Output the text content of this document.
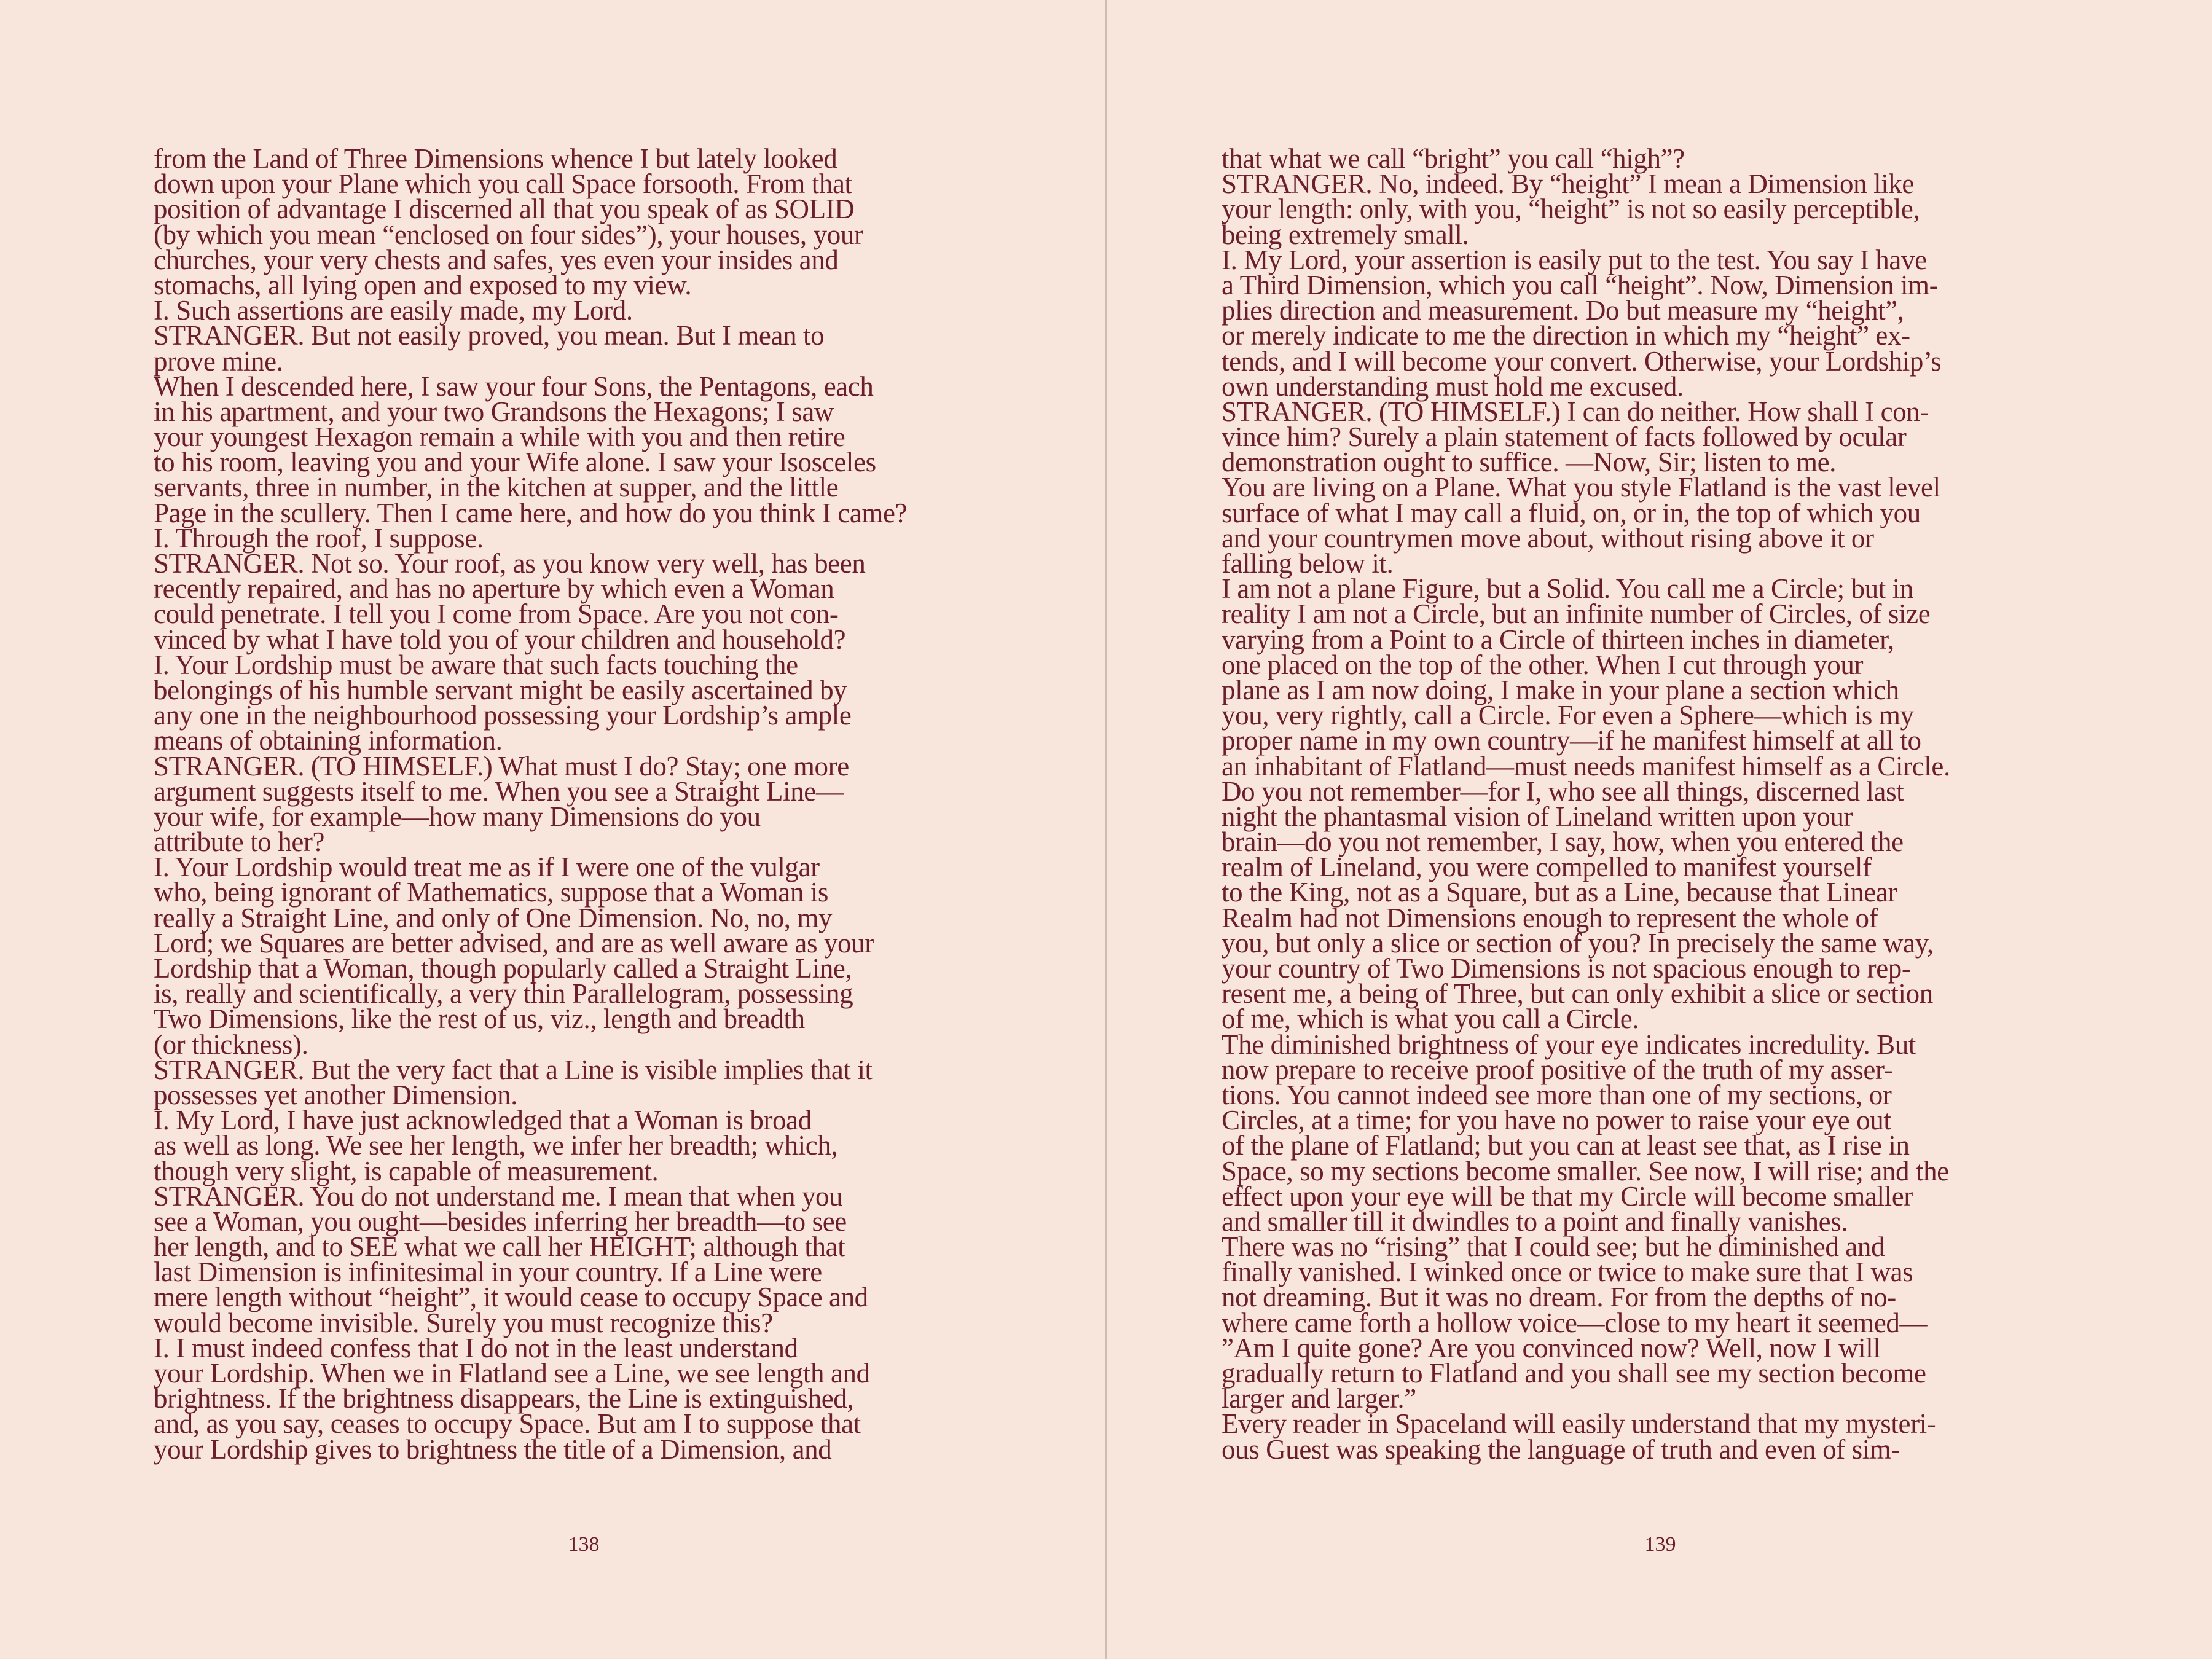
from the Land of Three Dimensions whence I but lately looked
down upon your Plane which you call Space forsooth. From that
position of advantage I discerned all that you speak of as SOLID
(by which you mean “enclosed on four sides”), your houses, your
churches, your very chests and safes, yes even your insides and
stomachs, all lying open and exposed to my view.
I. Such assertions are easily made, my Lord.
STRANGER. But not easily proved, you mean. But I mean to
prove mine.
When I descended here, I saw your four Sons, the Pentagons, each
in his apartment, and your two Grandsons the Hexagons; I saw
your youngest Hexagon remain a while with you and then retire
to his room, leaving you and your Wife alone. I saw your Isosceles
servants, three in number, in the kitchen at supper, and the little
Page in the scullery. Then I came here, and how do you think I came?
I. Through the roof, I suppose.
STRANGER. Not so. Your roof, as you know very well, has been
recently repaired, and has no aperture by which even a Woman
could penetrate. I tell you I come from Space. Are you not con-
vinced by what I have told you of your children and household?
I. Your Lordship must be aware that such facts touching the
belongings of his humble servant might be easily ascertained by
any one in the neighbourhood possessing your Lordship’s ample
means of obtaining information.
STRANGER. (TO HIMSELF.) What must I do? Stay; one more
argument suggests itself to me. When you see a Straight Line—
your wife, for example—how many Dimensions do you
attribute to her?
I. Your Lordship would treat me as if I were one of the vulgar
who, being ignorant of Mathematics, suppose that a Woman is
really a Straight Line, and only of One Dimension. No, no, my
Lord; we Squares are better advised, and are as well aware as your
Lordship that a Woman, though popularly called a Straight Line,
is, really and scientifically, a very thin Parallelogram, possessing
Two Dimensions, like the rest of us, viz., length and breadth
(or thickness).
STRANGER. But the very fact that a Line is visible implies that it
possesses yet another Dimension.
I. My Lord, I have just acknowledged that a Woman is broad
as well as long. We see her length, we infer her breadth; which,
though very slight, is capable of measurement.
STRANGER. You do not understand me. I mean that when you
see a Woman, you ought—besides inferring her breadth—to see
her length, and to SEE what we call her HEIGHT; although that
last Dimension is infinitesimal in your country. If a Line were
mere length without “height”, it would cease to occupy Space and
would become invisible. Surely you must recognize this?
I. I must indeed confess that I do not in the least understand
your Lordship. When we in Flatland see a Line, we see length and
brightness. If the brightness disappears, the Line is extinguished,
and, as you say, ceases to occupy Space. But am I to suppose that
your Lordship gives to brightness the title of a Dimension, and
138
that what we call “bright” you call “high”?
STRANGER. No, indeed. By “height” I mean a Dimension like
your length: only, with you, “height” is not so easily perceptible,
being extremely small.
I. My Lord, your assertion is easily put to the test. You say I have
a Third Dimension, which you call “height”. Now, Dimension im-
plies direction and measurement. Do but measure my “height”,
or merely indicate to me the direction in which my “height” ex-
tends, and I will become your convert. Otherwise, your Lordship’s
own understanding must hold me excused.
STRANGER. (TO HIMSELF.) I can do neither. How shall I con-
vince him? Surely a plain statement of facts followed by ocular
demonstration ought to suffice. —Now, Sir; listen to me.
You are living on a Plane. What you style Flatland is the vast level
surface of what I may call a fluid, on, or in, the top of which you
and your countrymen move about, without rising above it or
falling below it.
I am not a plane Figure, but a Solid. You call me a Circle; but in
reality I am not a Circle, but an infinite number of Circles, of size
varying from a Point to a Circle of thirteen inches in diameter,
one placed on the top of the other. When I cut through your
plane as I am now doing, I make in your plane a section which
you, very rightly, call a Circle. For even a Sphere—which is my
proper name in my own country—if he manifest himself at all to
an inhabitant of Flatland—must needs manifest himself as a Circle.
Do you not remember—for I, who see all things, discerned last
night the phantasmal vision of Lineland written upon your
brain—do you not remember, I say, how, when you entered the
realm of Lineland, you were compelled to manifest yourself
to the King, not as a Square, but as a Line, because that Linear
Realm had not Dimensions enough to represent the whole of
you, but only a slice or section of you? In precisely the same way,
your country of Two Dimensions is not spacious enough to rep-
resent me, a being of Three, but can only exhibit a slice or section
of me, which is what you call a Circle.
The diminished brightness of your eye indicates incredulity. But
now prepare to receive proof positive of the truth of my asser-
tions. You cannot indeed see more than one of my sections, or
Circles, at a time; for you have no power to raise your eye out
of the plane of Flatland; but you can at least see that, as I rise in
Space, so my sections become smaller. See now, I will rise; and the
effect upon your eye will be that my Circle will become smaller
and smaller till it dwindles to a point and finally vanishes.
There was no “rising” that I could see; but he diminished and
finally vanished. I winked once or twice to make sure that I was
not dreaming. But it was no dream. For from the depths of no-
where came forth a hollow voice—close to my heart it seemed—
”Am I quite gone? Are you convinced now? Well, now I will
gradually return to Flatland and you shall see my section become
larger and larger.”
Every reader in Spaceland will easily understand that my mysteri-
ous Guest was speaking the language of truth and even of sim-
139
